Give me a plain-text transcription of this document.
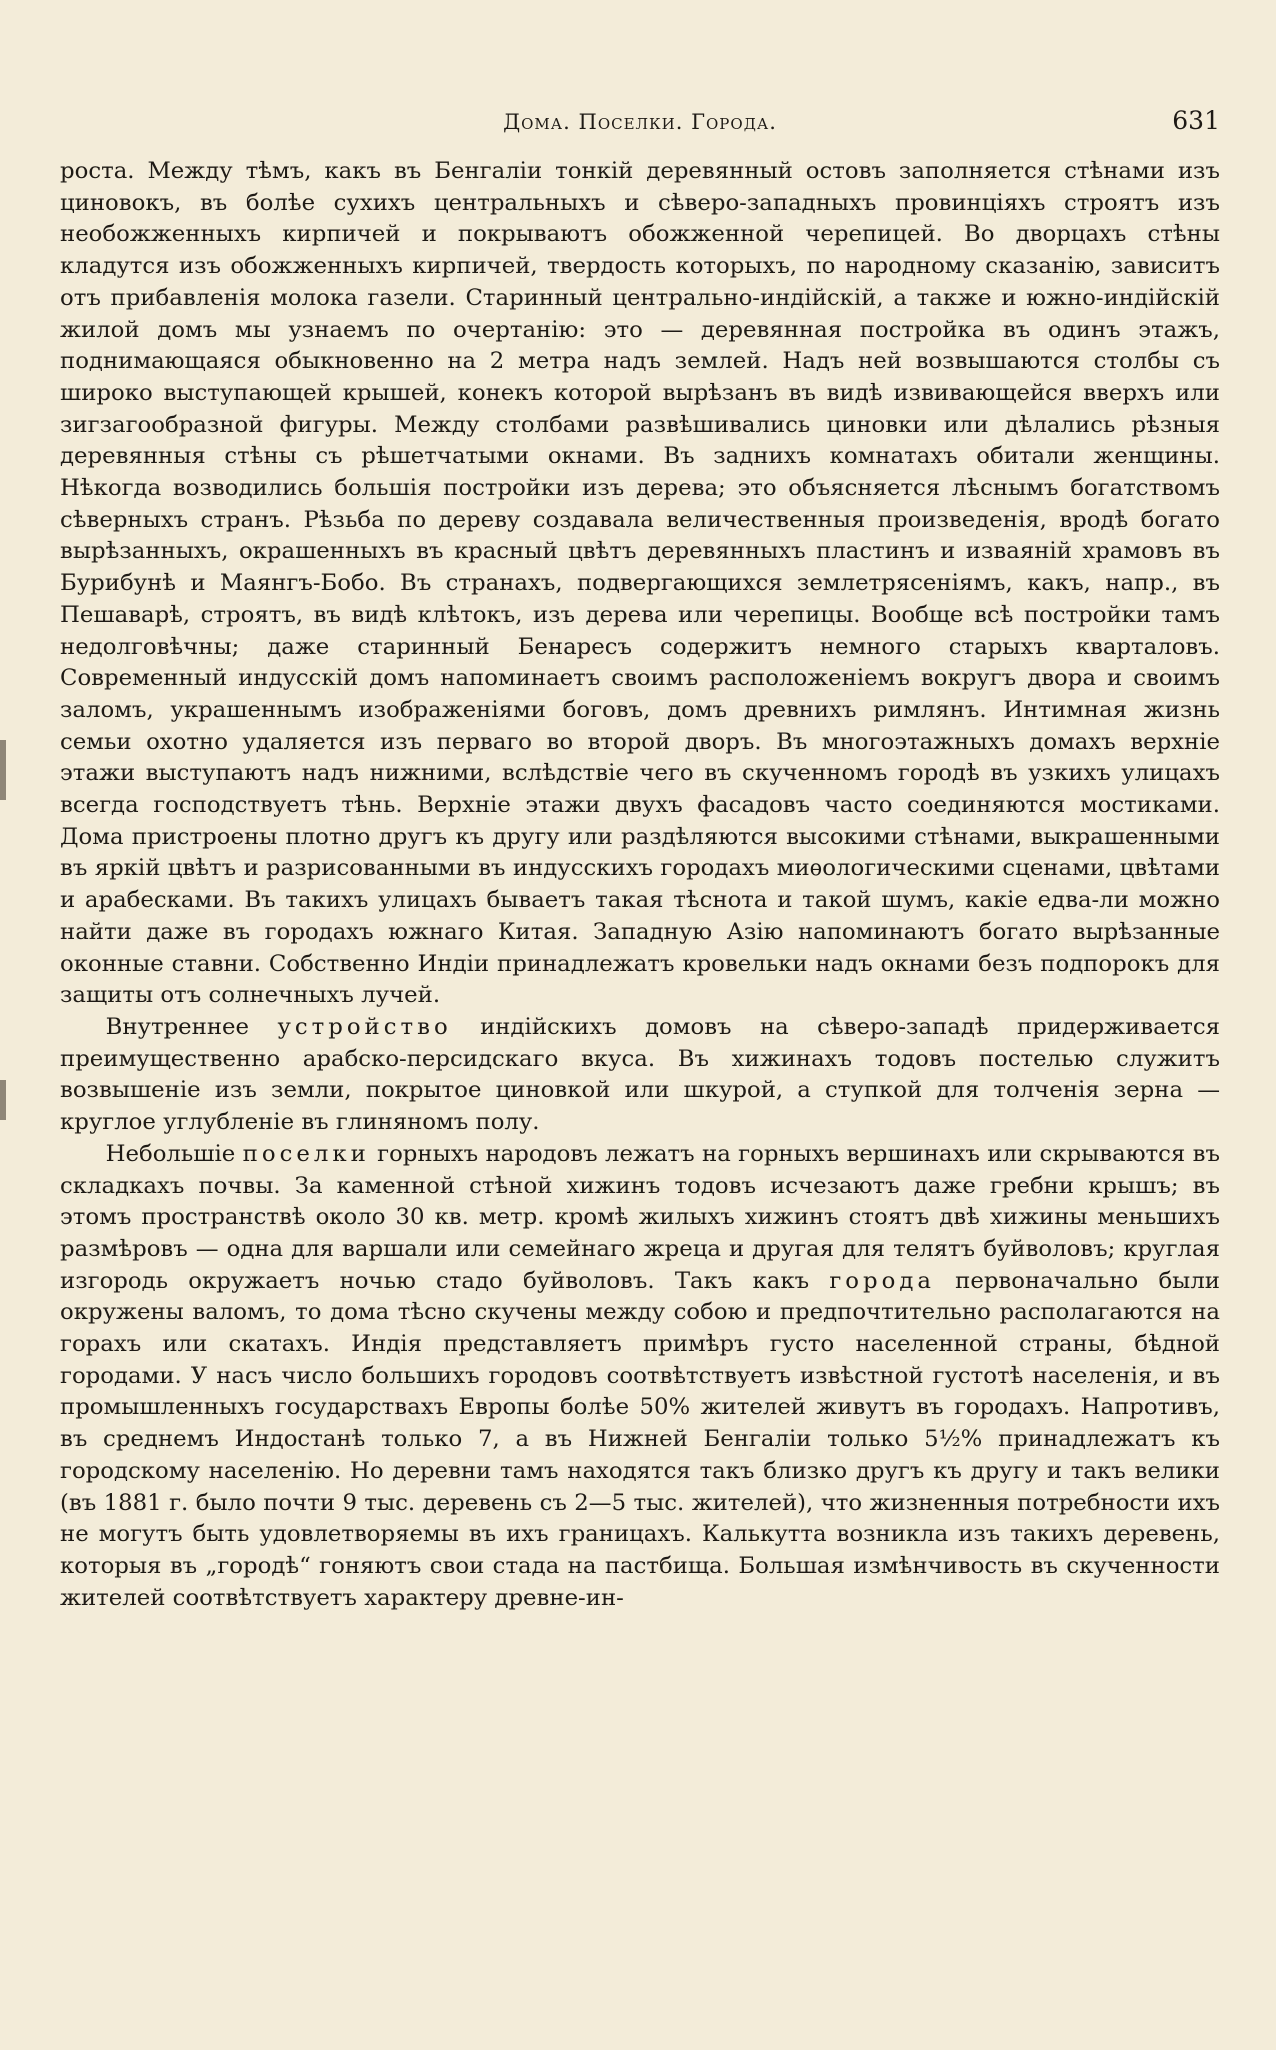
Дома. Поселки. Города.	631

роста. Между тѣмъ, какъ въ Бенгаліи тонкій деревянный остовъ заполняется стѣнами изъ циновокъ, въ болѣе сухихъ центральныхъ и сѣверо-западныхъ провинціяхъ строятъ изъ необожженныхъ кирпичей и покрываютъ обожженной черепицей. Во дворцахъ стѣны кладутся изъ обожженныхъ кирпичей, твердость которыхъ, по народному сказанію, зависитъ отъ прибавленія молока газели. Старинный центрально-индійскій, а также и южно-индійскій жилой домъ мы узнаемъ по очертанію: это — деревянная постройка въ одинъ этажъ, поднимающаяся обыкновенно на 2 метра надъ землей. Надъ ней возвышаются столбы съ широко выступающей крышей, конекъ которой вырѣзанъ въ видѣ извивающейся вверхъ или зигзагообразной фигуры. Между столбами развѣшивались циновки или дѣлались рѣзныя деревянныя стѣны съ рѣшетчатыми окнами. Въ заднихъ комнатахъ обитали женщины. Нѣкогда возводились большія постройки изъ дерева; это объясняется лѣснымъ богатствомъ сѣверныхъ странъ. Рѣзьба по дереву создавала величественныя произведенія, вродѣ богато вырѣзанныхъ, окрашенныхъ въ красный цвѣтъ деревянныхъ пластинъ и изваяній храмовъ въ Бурибунѣ и Маянгъ-Бобо. Въ странахъ, подвергающихся землетрясеніямъ, какъ, напр., въ Пешаварѣ, строятъ, въ видѣ клѣтокъ, изъ дерева или черепицы. Вообще всѣ постройки тамъ недолговѣчны; даже старинный Бенаресъ содержитъ немного старыхъ кварталовъ. Современный индусскій домъ напоминаетъ своимъ расположеніемъ вокругъ двора и своимъ заломъ, украшеннымъ изображеніями боговъ, домъ древнихъ римлянъ. Интимная жизнь семьи охотно удаляется изъ перваго во второй дворъ. Въ многоэтажныхъ домахъ верхніе этажи выступаютъ надъ нижними, вслѣдствіе чего въ скученномъ городѣ въ узкихъ улицахъ всегда господствуетъ тѣнь. Верхніе этажи двухъ фасадовъ часто соединяются мостиками. Дома пристроены плотно другъ къ другу или раздѣляются высокими стѣнами, выкрашенными въ яркій цвѣтъ и разрисованными въ индусскихъ городахъ миѳологическими сценами, цвѣтами и арабесками. Въ такихъ улицахъ бываетъ такая тѣснота и такой шумъ, какіе едва-ли можно найти даже въ городахъ южнаго Китая. Западную Азію напоминаютъ богато вырѣзанные оконные ставни. Собственно Индіи принадлежатъ кровельки надъ окнами безъ подпорокъ для защиты отъ солнечныхъ лучей.

Внутреннее устройство индійскихъ домовъ на сѣверо-западѣ придерживается преимущественно арабско-персидскаго вкуса. Въ хижинахъ тодовъ постелью служитъ возвышеніе изъ земли, покрытое циновкой или шкурой, а ступкой для толченія зерна — круглое углубленіе въ глиняномъ полу.

Небольшіе поселки горныхъ народовъ лежатъ на горныхъ вершинахъ или скрываются въ складкахъ почвы. За каменной стѣной хижинъ тодовъ исчезаютъ даже гребни крышъ; въ этомъ пространствѣ около 30 кв. метр. кромѣ жилыхъ хижинъ стоятъ двѣ хижины меньшихъ размѣровъ — одна для варшали или семейнаго жреца и другая для телятъ буйволовъ; круглая изгородь окружаетъ ночью стадо буйволовъ. Такъ какъ города первоначально были окружены валомъ, то дома тѣсно скучены между собою и предпочтительно располагаются на горахъ или скатахъ. Индія представляетъ примѣръ густо населенной страны, бѣдной городами. У насъ число большихъ городовъ соотвѣтствуетъ извѣстной густотѣ населенія, и въ промышленныхъ государствахъ Европы болѣе 50% жителей живутъ въ городахъ. Напротивъ, въ среднемъ Индостанѣ только 7, а въ Нижней Бенгаліи только 5½% принадлежатъ къ городскому населенію. Но деревни тамъ находятся такъ близко другъ къ другу и такъ велики (въ 1881 г. было почти 9 тыс. деревень съ 2—5 тыс. жителей), что жизненныя потребности ихъ не могутъ быть удовлетворяемы въ ихъ границахъ. Калькутта возникла изъ такихъ деревень, которыя въ „городѣ“ гоняютъ свои стада на пастбища. Большая измѣнчивость въ скученности жителей соотвѣтствуетъ характеру древне-ин-
